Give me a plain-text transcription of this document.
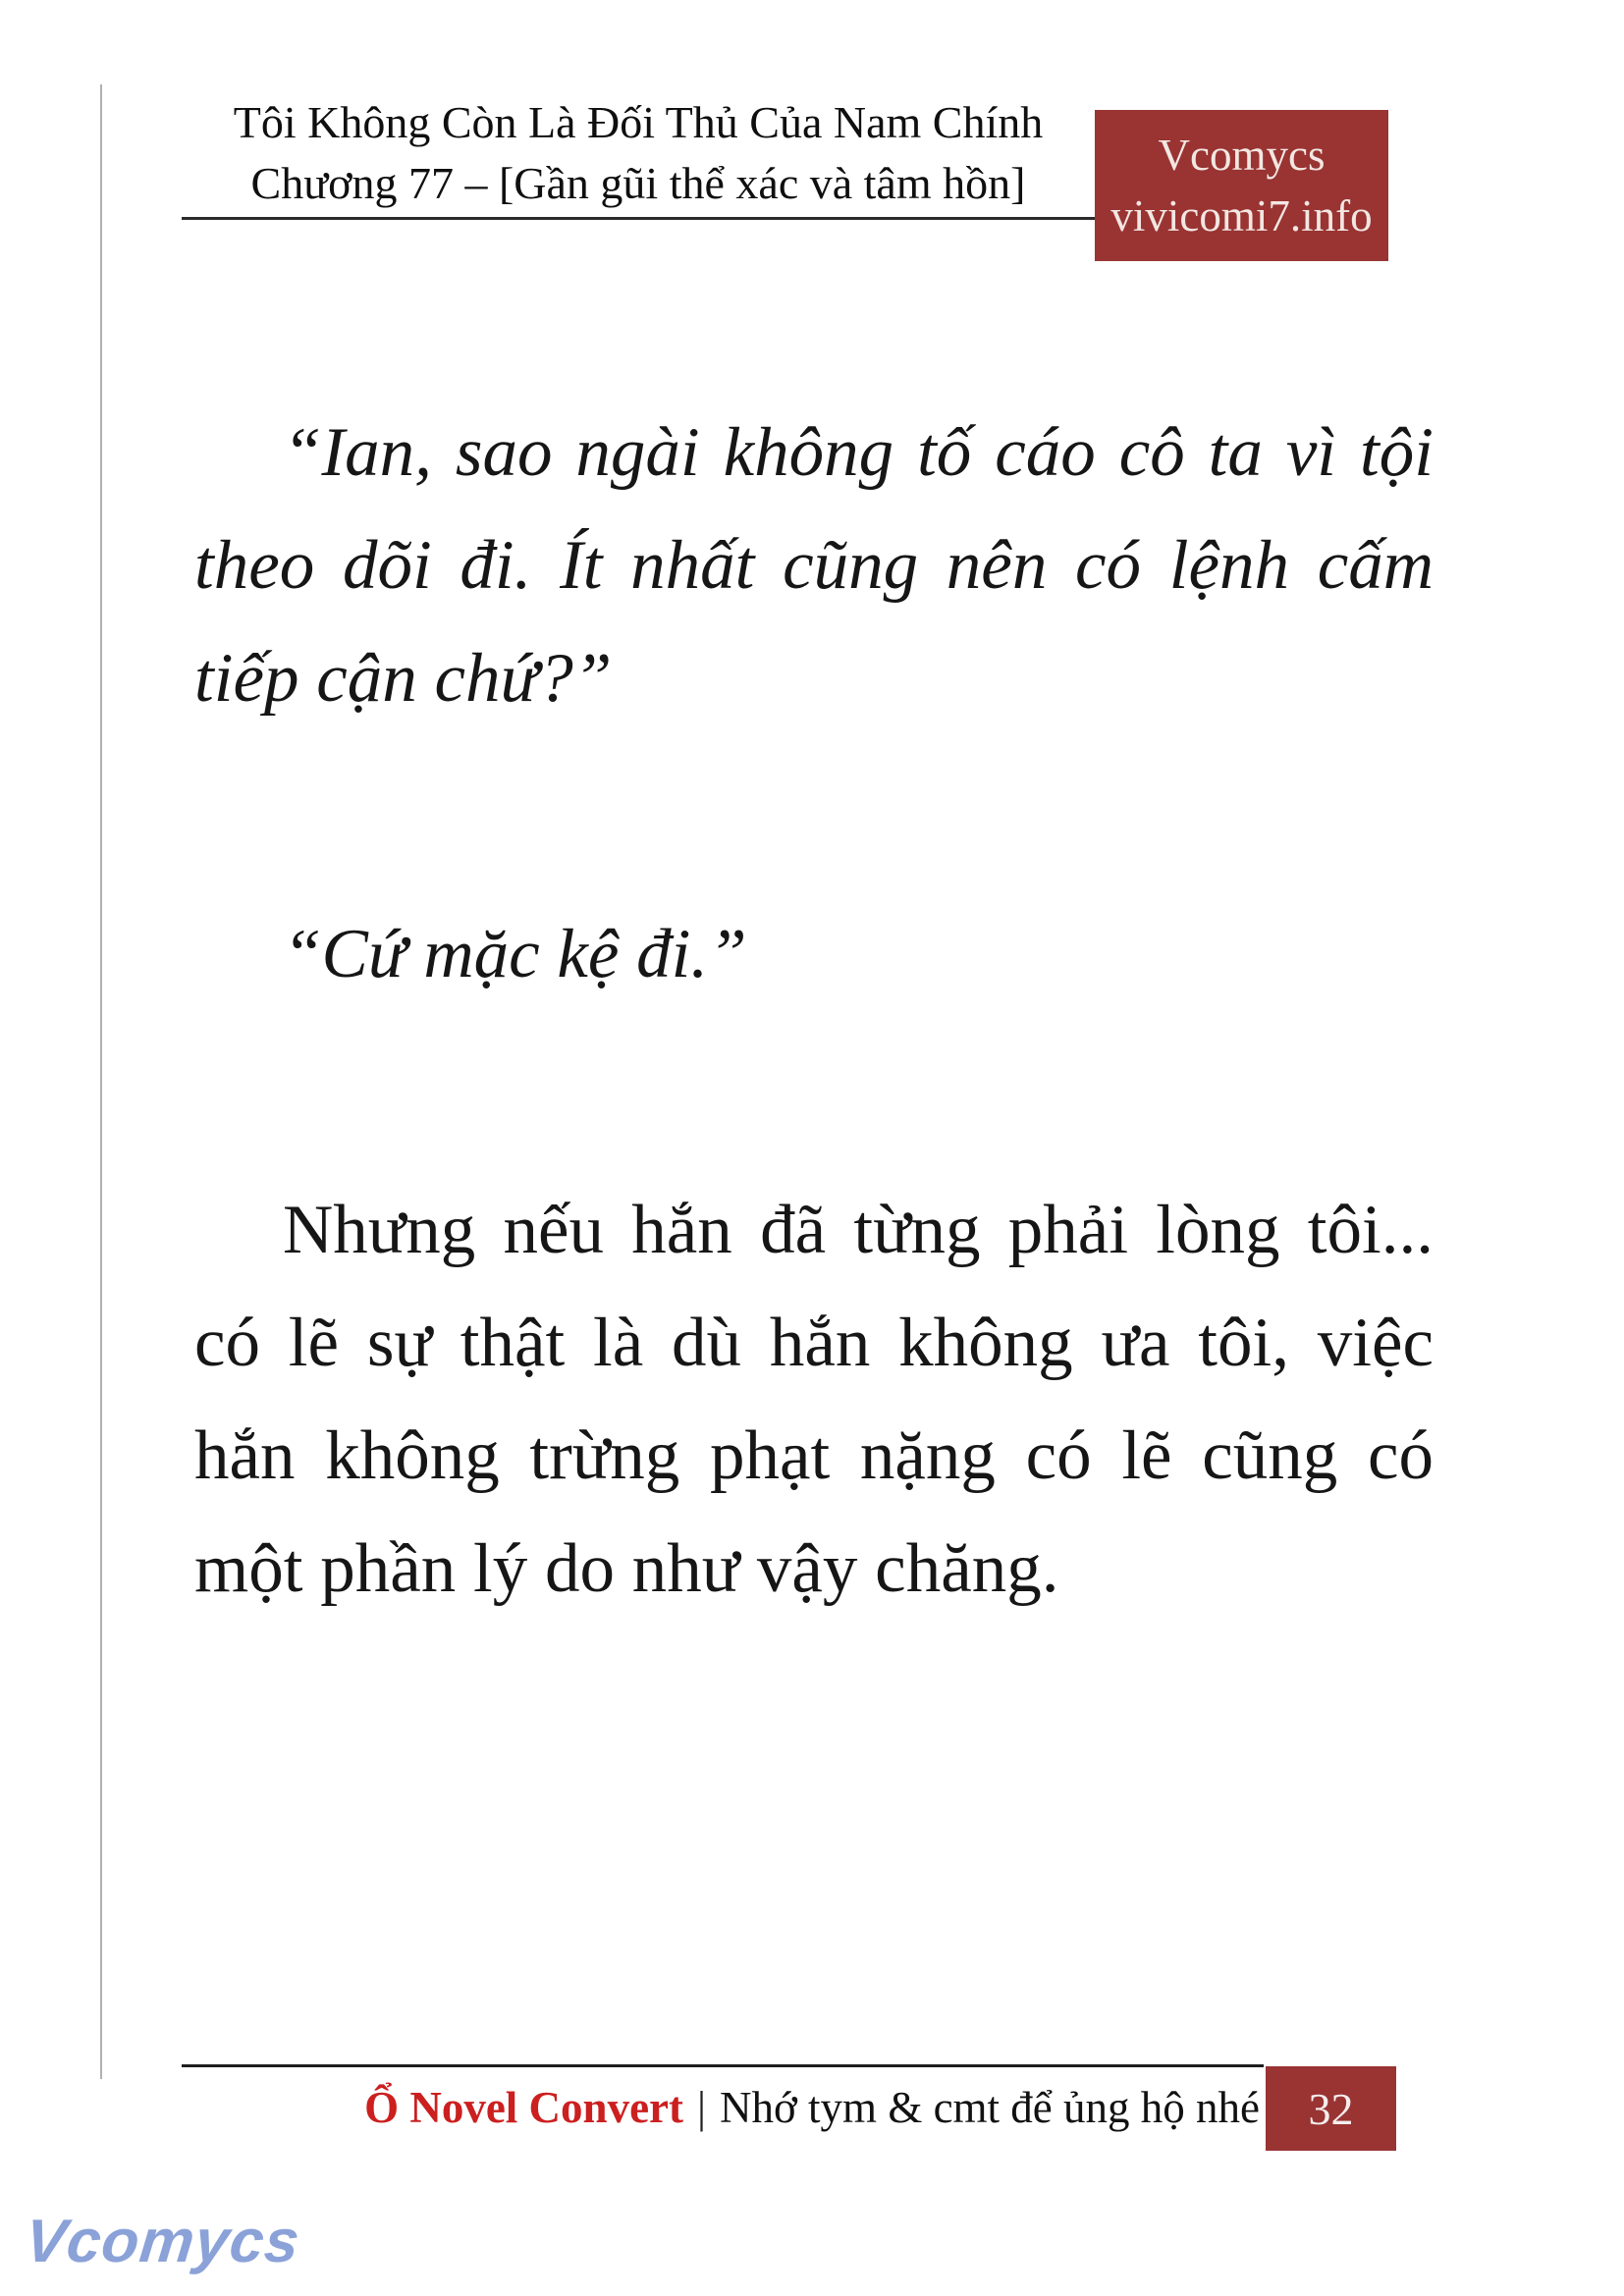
Tôi Không Còn Là Đối Thủ Của Nam Chính
Chương 77 – [Gần gũi thể xác và tâm hồn]
Vcomycs
vivicomi7.info

“Ian, sao ngài không tố cáo cô ta vì tội theo dõi đi. Ít nhất cũng nên có lệnh cấm tiếp cận chứ?”

“Cứ mặc kệ đi.”

Nhưng nếu hắn đã từng phải lòng tôi... có lẽ sự thật là dù hắn không ưa tôi, việc hắn không trừng phạt nặng có lẽ cũng có một phần lý do như vậy chăng.

Ổ Novel Convert | Nhớ tym & cmt để ủng hộ nhé 32
Vcomycs
